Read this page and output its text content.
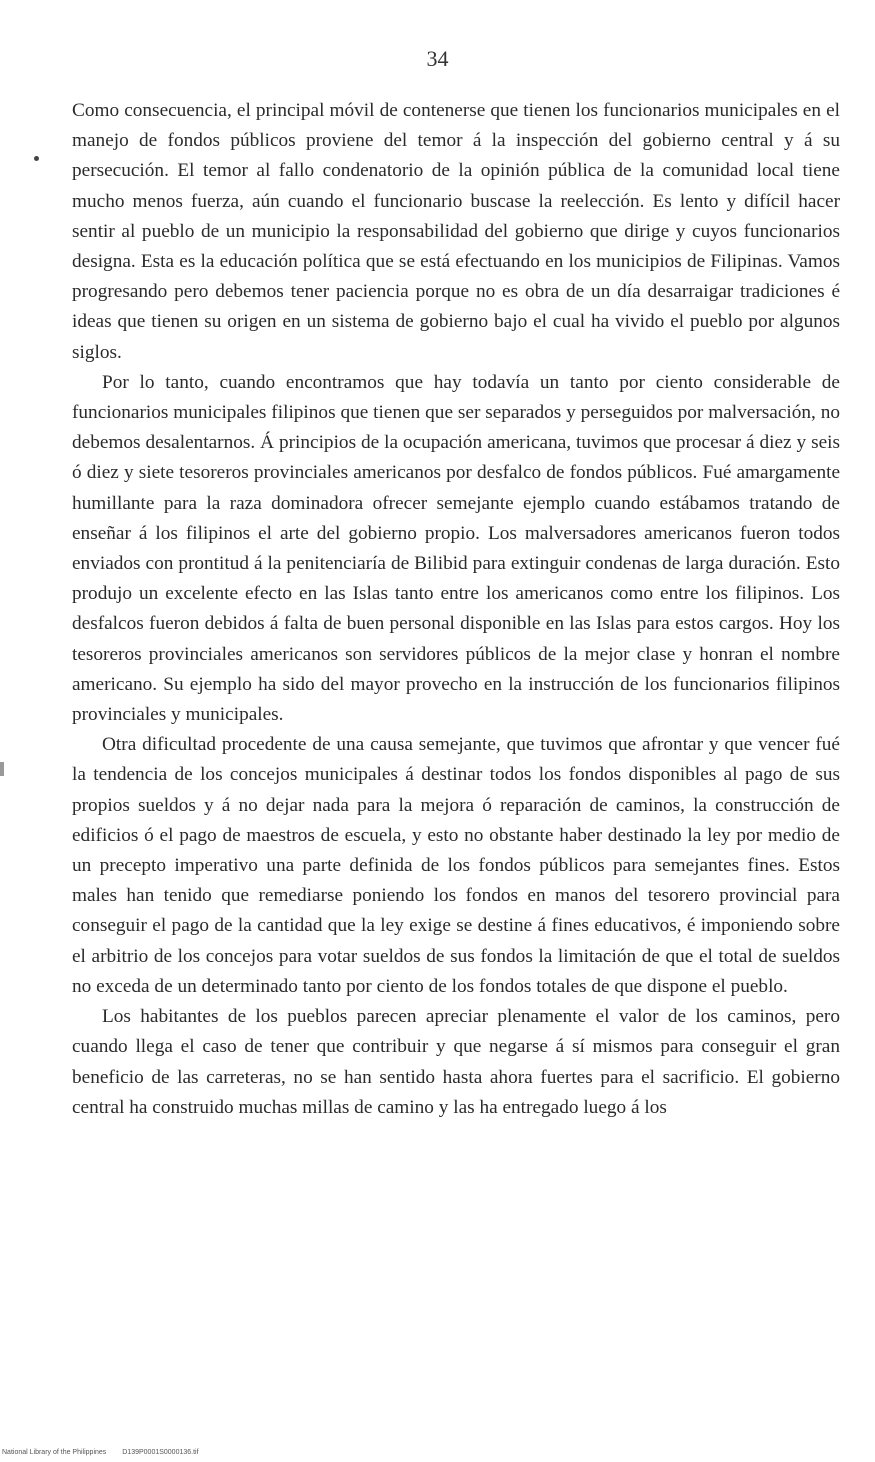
34

Como consecuencia, el principal móvil de contenerse que tienen los funcionarios municipales en el manejo de fondos públicos proviene del temor á la inspección del gobierno central y á su persecución. El temor al fallo condenatorio de la opinión pública de la comunidad local tiene mucho menos fuerza, aún cuando el funcionario buscase la reelección. Es lento y difícil hacer sentir al pueblo de un municipio la responsabilidad del gobierno que dirige y cuyos funcionarios designa. Esta es la educación política que se está efectuando en los municipios de Filipinas. Vamos progresando pero debemos tener paciencia porque no es obra de un día desarraigar tradiciones é ideas que tienen su origen en un sistema de gobierno bajo el cual ha vivido el pueblo por algunos siglos.

Por lo tanto, cuando encontramos que hay todavía un tanto por ciento considerable de funcionarios municipales filipinos que tienen que ser separados y perseguidos por malversación, no debemos desalentarnos. Á principios de la ocupación americana, tuvimos que procesar á diez y seis ó diez y siete tesoreros provinciales americanos por desfalco de fondos públicos. Fué amargamente humillante para la raza dominadora ofrecer semejante ejemplo cuando estábamos tratando de enseñar á los filipinos el arte del gobierno propio. Los malversadores americanos fueron todos enviados con prontitud á la penitenciaría de Bilibid para extinguir condenas de larga duración. Esto produjo un excelente efecto en las Islas tanto entre los americanos como entre los filipinos. Los desfalcos fueron debidos á falta de buen personal disponible en las Islas para estos cargos. Hoy los tesoreros provinciales americanos son servidores públicos de la mejor clase y honran el nombre americano. Su ejemplo ha sido del mayor provecho en la instrucción de los funcionarios filipinos provinciales y municipales.

Otra dificultad procedente de una causa semejante, que tuvimos que afrontar y que vencer fué la tendencia de los concejos municipales á destinar todos los fondos disponibles al pago de sus propios sueldos y á no dejar nada para la mejora ó reparación de caminos, la construcción de edificios ó el pago de maestros de escuela, y esto no obstante haber destinado la ley por medio de un precepto imperativo una parte definida de los fondos públicos para semejantes fines. Estos males han tenido que remediarse poniendo los fondos en manos del tesorero provincial para conseguir el pago de la cantidad que la ley exige se destine á fines educativos, é imponiendo sobre el arbitrio de los concejos para votar sueldos de sus fondos la limitación de que el total de sueldos no exceda de un determinado tanto por ciento de los fondos totales de que dispone el pueblo.

Los habitantes de los pueblos parecen apreciar plenamente el valor de los caminos, pero cuando llega el caso de tener que contribuir y que negarse á sí mismos para conseguir el gran beneficio de las carreteras, no se han sentido hasta ahora fuertes para el sacrificio. El gobierno central ha construido muchas millas de camino y las ha entregado luego á los

National Library of the Philippines D139P0001S0000136.tif
